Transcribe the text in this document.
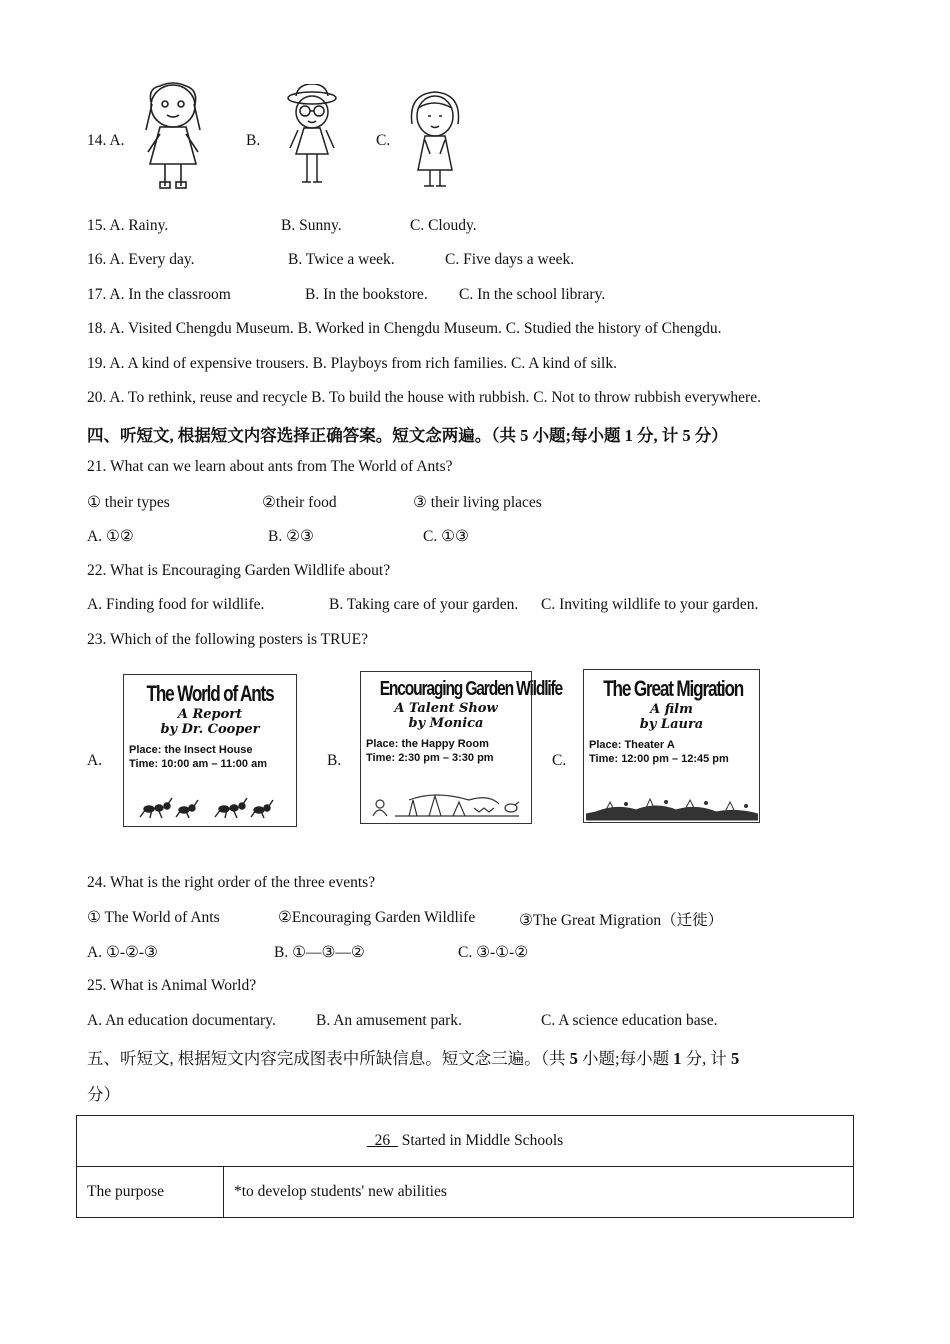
14. A.	B.	C.
15. A. Rainy.	B. Sunny.	C. Cloudy.
16. A. Every day.	B. Twice a week.	C. Five days a week.
17. A. In the classroom	B. In the bookstore. C. In the school library.
18. A. Visited Chengdu Museum. B. Worked in Chengdu Museum. C. Studied the history of Chengdu.
19. A. A kind of expensive trousers. B. Playboys from rich families. C. A kind of silk.
20. A. To rethink, reuse and recycle B. To build the house with rubbish. C. Not to throw rubbish everywhere.
四、听短文, 根据短文内容选择正确答案。短文念两遍。（共 5 小题;每小题 1 分, 计 5 分）
21. What can we learn about ants from The World of Ants?
① their types	②their food	③ their living places
A. ①②	B. ②③	C. ①③
22. What is Encouraging Garden Wildlife about?
A. Finding food for wildlife.	B. Taking care of your garden. C. Inviting wildlife to your garden.
23. Which of the following posters is TRUE?
A.	B.	C.
The World of Ants
A Report
by Dr. Cooper
Place: the Insect House
Time: 10:00 am – 11:00 am
Encouraging Garden Wildlife
A Talent Show
by Monica
Place: the Happy Room
Time: 2:30 pm – 3:30 pm
The Great Migration
A film
by Laura
Place: Theater A
Time: 12:00 pm – 12:45 pm
24. What is the right order of the three events?
① The World of Ants	②Encouraging Garden Wildlife	③The Great Migration（迁徙）
A. ①-②-③	B. ①—③—②	C. ③-①-②
25. What is Animal World?
A. An education documentary.	B. An amusement park.	C. A science education base.
五、听短文, 根据短文内容完成图表中所缺信息。短文念三遍。（共 5 小题;每小题 1 分, 计 5
分）
26   Started in Middle Schools
The purpose	*to develop students' new abilities
